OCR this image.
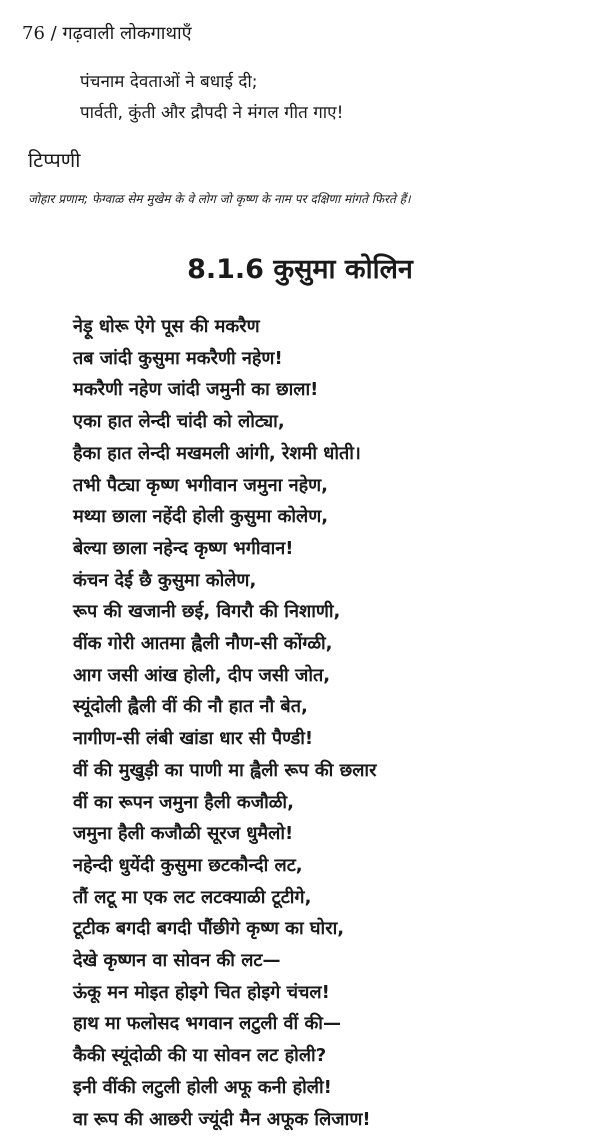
76 / गढ़वाली लोकगाथाएँ
पंचनाम देवताओं ने बधाई दी;
पार्वती, कुंती और द्रौपदी ने मंगल गीत गाए!
टिप्पणी
जोहार प्रणाम; फेग्वाळ सेम मुखेम के वे लोग जो कृष्ण के नाम पर दक्षिणा मांगते फिरते हैं।
8.1.6 कुसुमा कोलिन
नेड़ू धोरू ऐगे पूस की मकरैण
तब जांदी कुसुमा मकरैणी नहेण!
मकरैणी नहेण जांदी जमुनी का छाला!
एका हात लेन्दी चांदी को लोट्या,
हैका हात लेन्दी मखमली आंगी, रेशमी धोती।
तभी पैट्या कृष्ण भगीवान जमुना नहेण,
मथ्या छाला नहेंदी होली कुसुमा कोलेण,
बेल्या छाला नहेन्द कृष्ण भगीवान!
कंचन देई छै कुसुमा कोलेण,
रूप की खजानी छई, विगरौ की निशाणी,
वींक गोरी आतमा ह्वैली नौण-सी कोंग्ळी,
आग जसी आंख होली, दीप जसी जोत,
स्यूंदोली ह्वैली वीं की नौ हात नौ बेत,
नागीण-सी लंबी खांडा धार सी पैण्डी!
वीं की मुखुड़ी का पाणी मा ह्वैली रूप की छलार
वीं का रूपन जमुना हैली कजौळी,
जमुना हैली कजौळी सूरज धुमैलो!
नहेन्दी धुयेंदी कुसुमा छटकौन्दी लट,
तौं लटू मा एक लट लटक्याळी टूटीगे,
टूटीक बगदी बगदी पौंछीगे कृष्ण का घोरा,
देखे कृष्णन वा सोवन की लट—
ऊंकू मन मोइत होइगे चित होइगे चंचल!
हाथ मा फलोसद भगवान लटुली वीं की—
कैकी स्यूंदोळी की या सोवन लट होली?
इनी वींकी लटुली होली अफू कनी होली!
वा रूप की आछरी ज्यूंदी मैन अफूक लिजाण!
